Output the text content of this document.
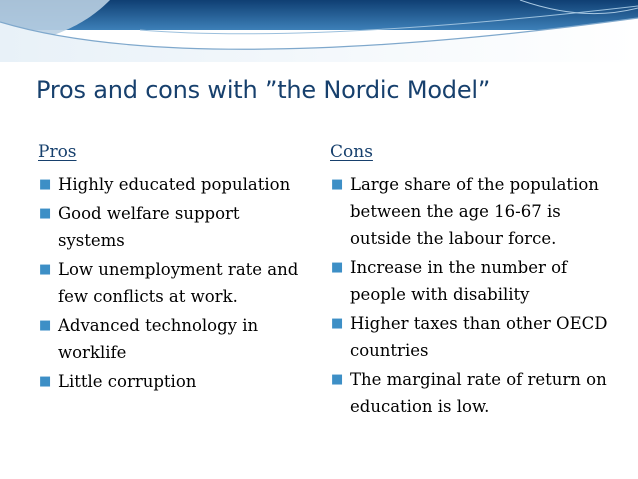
Pros and cons with ”the Nordic Model”
Pros
■ Highly educated population
■ Good welfare support systems
■ Low unemployment rate and few conflicts at work.
■ Advanced technology in worklife
■ Little corruption
Cons
■ Large share of the population between the age 16-67 is outside the labour force.
■ Increase in the number of people with disability
■ Higher taxes than other OECD countries
■ The marginal rate of return on education is low.
